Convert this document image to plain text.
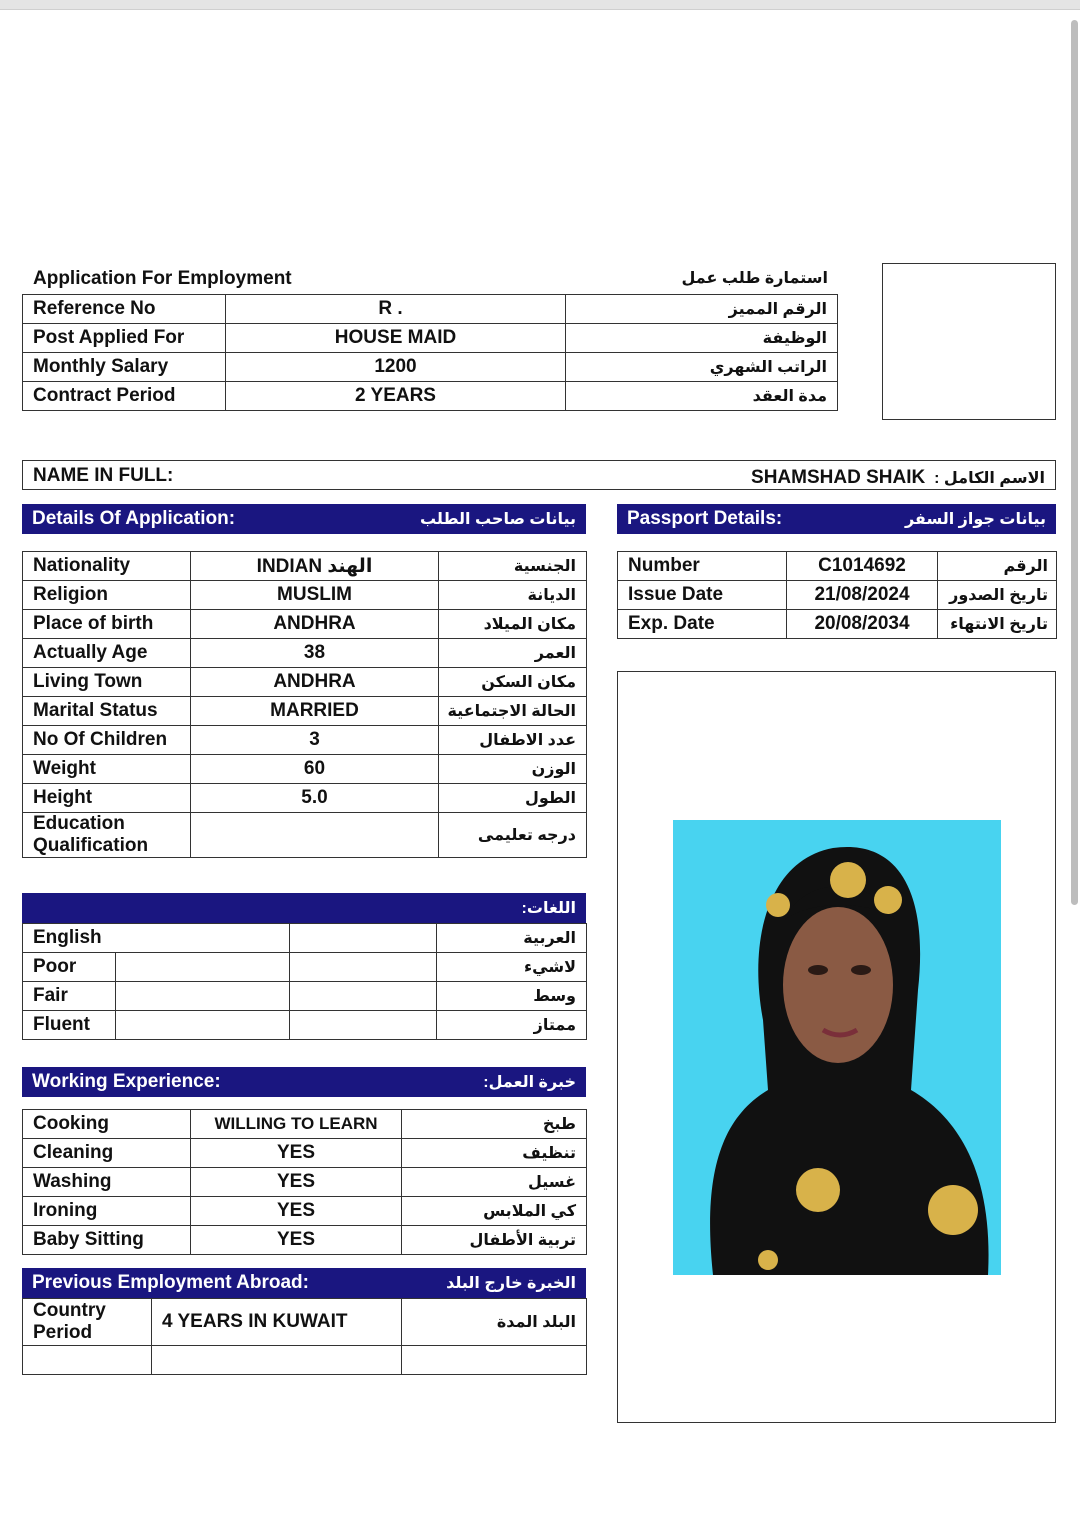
Application For Employment	استمارة طلب عمل
Reference No	R .	الرقم المميز
Post Applied For	HOUSE MAID	الوظيفة
Monthly Salary	1200	الراتب الشهري
Contract Period	2 YEARS	مدة العقد
NAME IN FULL:	SHAMSHAD SHAIK الاسم الكامل :
Details Of Application:	بيانات صاحب الطلب	Passport Details:	بيانات جواز السفر
Nationality	INDIAN الهند	الجنسية
Religion	MUSLIM	الديانة
Place of birth	ANDHRA	مكان الميلاد
Actually Age	38	العمر
Living Town	ANDHRA	مكان السكن
Marital Status	MARRIED	الحالة الاجتماعية
No Of Children	3	عدد الاطفال
Weight	60	الوزن
Height	5.0	الطول
Education
Qualification		درجه تعليمى
Number	C1014692	الرقم
Issue Date	21/08/2024	تاريخ الصدور
Exp. Date	20/08/2034	تاريخ الانتهاء
اللغات:
English			العربية
Poor			لاشيء
Fair			وسط
Fluent			ممتاز
Working Experience:	خبرة العمل:
Cooking	WILLING TO LEARN	طبخ
Cleaning	YES	تنظيف
Washing	YES	غسيل
Ironing	YES	كي الملابس
Baby Sitting	YES	تربية الأطفال
Previous Employment Abroad:	الخبرة خارج البلد
Country
Period	4 YEARS IN KUWAIT	البلد المدة
